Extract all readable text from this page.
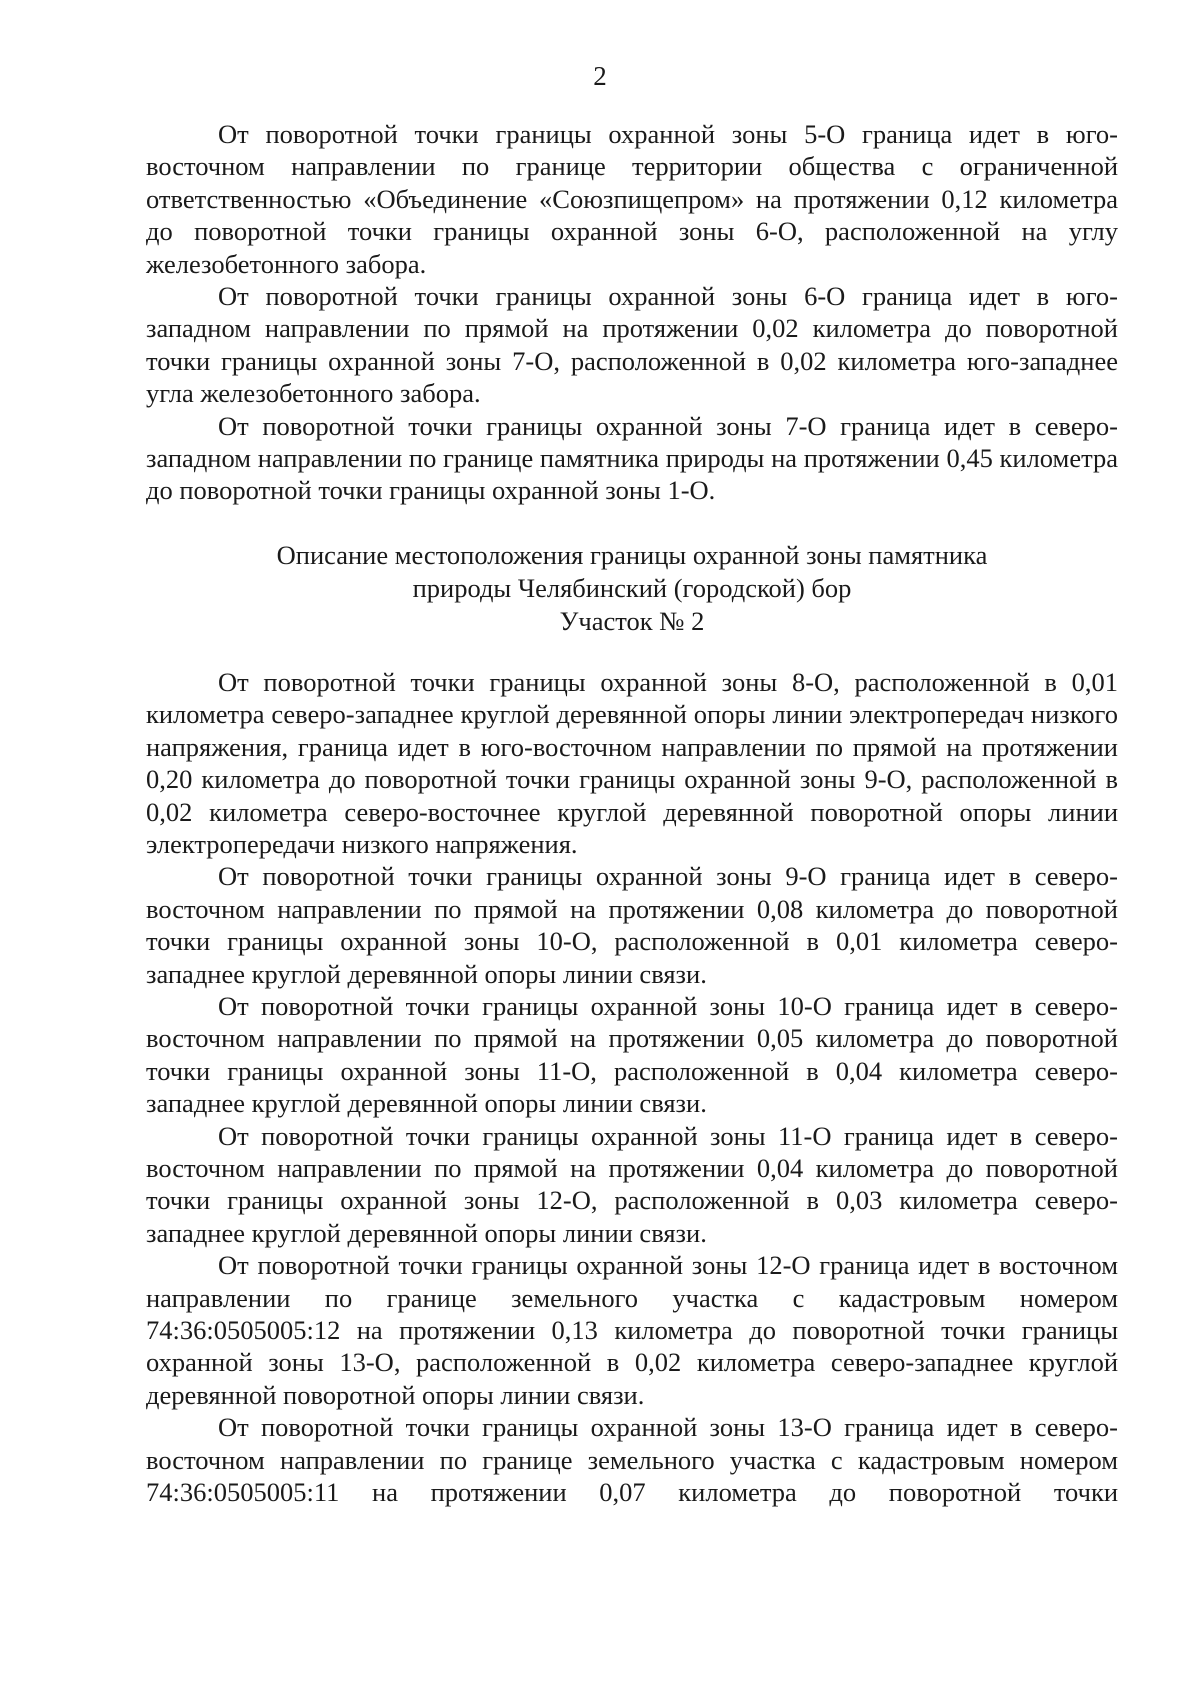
2

От поворотной точки границы охранной зоны 5-О граница идет в юго-восточном направлении по границе территории общества с ограниченной ответственностью «Объединение «Союзпищепром» на протяжении 0,12 километра до поворотной точки границы охранной зоны 6-О, расположенной на углу железобетонного забора.

От поворотной точки границы охранной зоны 6-О граница идет в юго-западном направлении по прямой на протяжении 0,02 километра до поворотной точки границы охранной зоны 7-О, расположенной в 0,02 километра юго-западнее угла железобетонного забора.

От поворотной точки границы охранной зоны 7-О граница идет в северо-западном направлении по границе памятника природы на протяжении 0,45 километра до поворотной точки границы охранной зоны 1-О.

Описание местоположения границы охранной зоны памятника
природы Челябинский (городской) бор
Участок № 2

От поворотной точки границы охранной зоны 8-О, расположенной в 0,01 километра северо-западнее круглой деревянной опоры линии электропередач низкого напряжения, граница идет в юго-восточном направлении по прямой на протяжении 0,20 километра до поворотной точки границы охранной зоны 9-О, расположенной в 0,02 километра северо-восточнее круглой деревянной поворотной опоры линии электропередачи низкого напряжения.

От поворотной точки границы охранной зоны 9-О граница идет в северо-восточном направлении по прямой на протяжении 0,08 километра до поворотной точки границы охранной зоны 10-О, расположенной в 0,01 километра северо-западнее круглой деревянной опоры линии связи.

От поворотной точки границы охранной зоны 10-О граница идет в северо-восточном направлении по прямой на протяжении 0,05 километра до поворотной точки границы охранной зоны 11-О, расположенной в 0,04 километра северо-западнее круглой деревянной опоры линии связи.

От поворотной точки границы охранной зоны 11-О граница идет в северо-восточном направлении по прямой на протяжении 0,04 километра до поворотной точки границы охранной зоны 12-О, расположенной в 0,03 километра северо-западнее круглой деревянной опоры линии связи.

От поворотной точки границы охранной зоны 12-О граница идет в восточном направлении по границе земельного участка с кадастровым номером 74:36:0505005:12 на протяжении 0,13 километра до поворотной точки границы охранной зоны 13-О, расположенной в 0,02 километра северо-западнее круглой деревянной поворотной опоры линии связи.

От поворотной точки границы охранной зоны 13-О граница идет в северо-восточном направлении по границе земельного участка с кадастровым номером 74:36:0505005:11 на протяжении 0,07 километра до поворотной точки
